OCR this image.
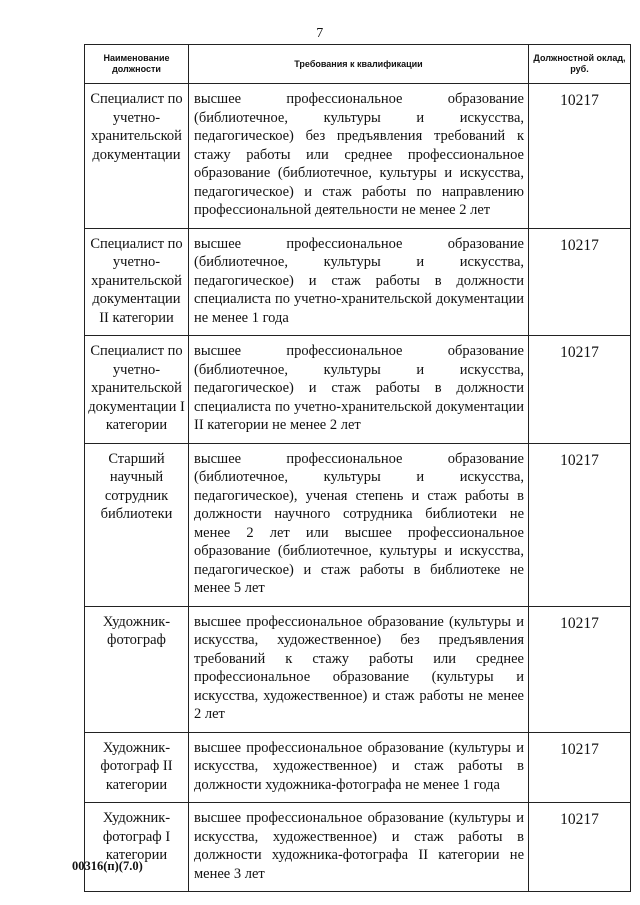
7
Наименование должности	Требования к квалификации	Должностной оклад, руб.
Специалист по учетно-хранительской документации	высшее профессиональное образование (библиотечное, культуры и искусства, педагогическое) без предъявления требований к стажу работы или среднее профессиональное образование (библиотечное, культуры и искусства, педагогическое) и стаж работы по направлению профессиональной деятельности не менее 2 лет	10217
Специалист по учетно-хранительской документации II категории	высшее профессиональное образование (библиотечное, культуры и искусства, педагогическое) и стаж работы в должности специалиста по учетно-хранительской документации не менее 1 года	10217
Специалист по учетно-хранительской документации I категории	высшее профессиональное образование (библиотечное, культуры и искусства, педагогическое) и стаж работы в должности специалиста по учетно-хранительской документации II категории не менее 2 лет	10217
Старший научный сотрудник библиотеки	высшее профессиональное образование (библиотечное, культуры и искусства, педагогическое), ученая степень и стаж работы в должности научного сотрудника библиотеки не менее 2 лет или высшее профессиональное образование (библиотечное, культуры и искусства, педагогическое) и стаж работы в библиотеке не менее 5 лет	10217
Художник-фотограф	высшее профессиональное образование (культуры и искусства, художественное) без предъявления требований к стажу работы или среднее профессиональное образование (культуры и искусства, художественное) и стаж работы не менее 2 лет	10217
Художник-фотограф II категории	высшее профессиональное образование (культуры и искусства, художественное) и стаж работы в должности художника-фотографа не менее 1 года	10217
Художник-фотограф I категории	высшее профессиональное образование (культуры и искусства, художественное) и стаж работы в должности художника-фотографа II категории не менее 3 лет	10217
00316(п)(7.0)
